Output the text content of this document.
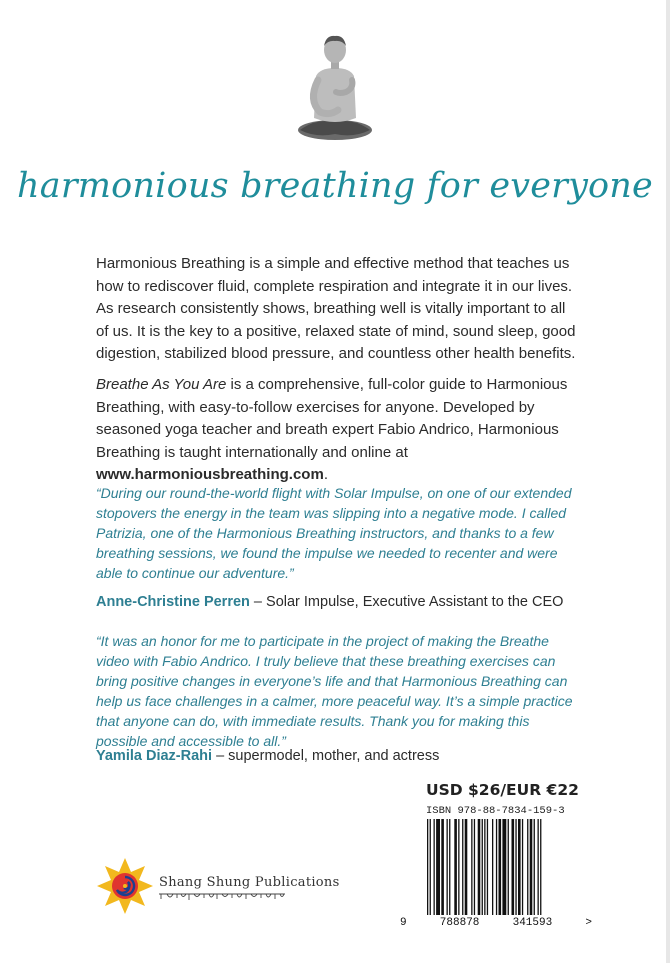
harmonious breathing for everyone

Harmonious Breathing is a simple and effective method that teaches us how to rediscover fluid, complete respiration and integrate it in our lives. As research consistently shows, breathing well is vitally important to all of us. It is the key to a positive, relaxed state of mind, sound sleep, good digestion, stabilized blood pressure, and countless other health benefits.

Breathe As You Are is a comprehensive, full-color guide to Harmonious Breathing, with easy-to-follow exercises for anyone. Developed by seasoned yoga teacher and breath expert Fabio Andrico, Harmonious Breathing is taught internationally and online at www.harmoniousbreathing.com.

“During our round-the-world flight with Solar Impulse, on one of our extended stopovers the energy in the team was slipping into a negative mode. I called Patrizia, one of the Harmonious Breathing instructors, and thanks to a few breathing sessions, we found the impulse we needed to recenter and were able to continue our adventure.”

Anne-Christine Perren – Solar Impulse, Executive Assistant to the CEO

“It was an honor for me to participate in the project of making the Breathe video with Fabio Andrico. I truly believe that these breathing exercises can bring positive changes in everyone’s life and that Harmonious Breathing can help us face challenges in a calmer, more peaceful way. It’s a simple practice that anyone can do, with immediate results. Thank you for making this possible and accessible to all.”

Yamila Diaz-Rahi – supermodel, mother, and actress

USD $26/EUR €22
ISBN 978-88-7834-159-3
9	788878	341593	>
Shang Shung Publications
